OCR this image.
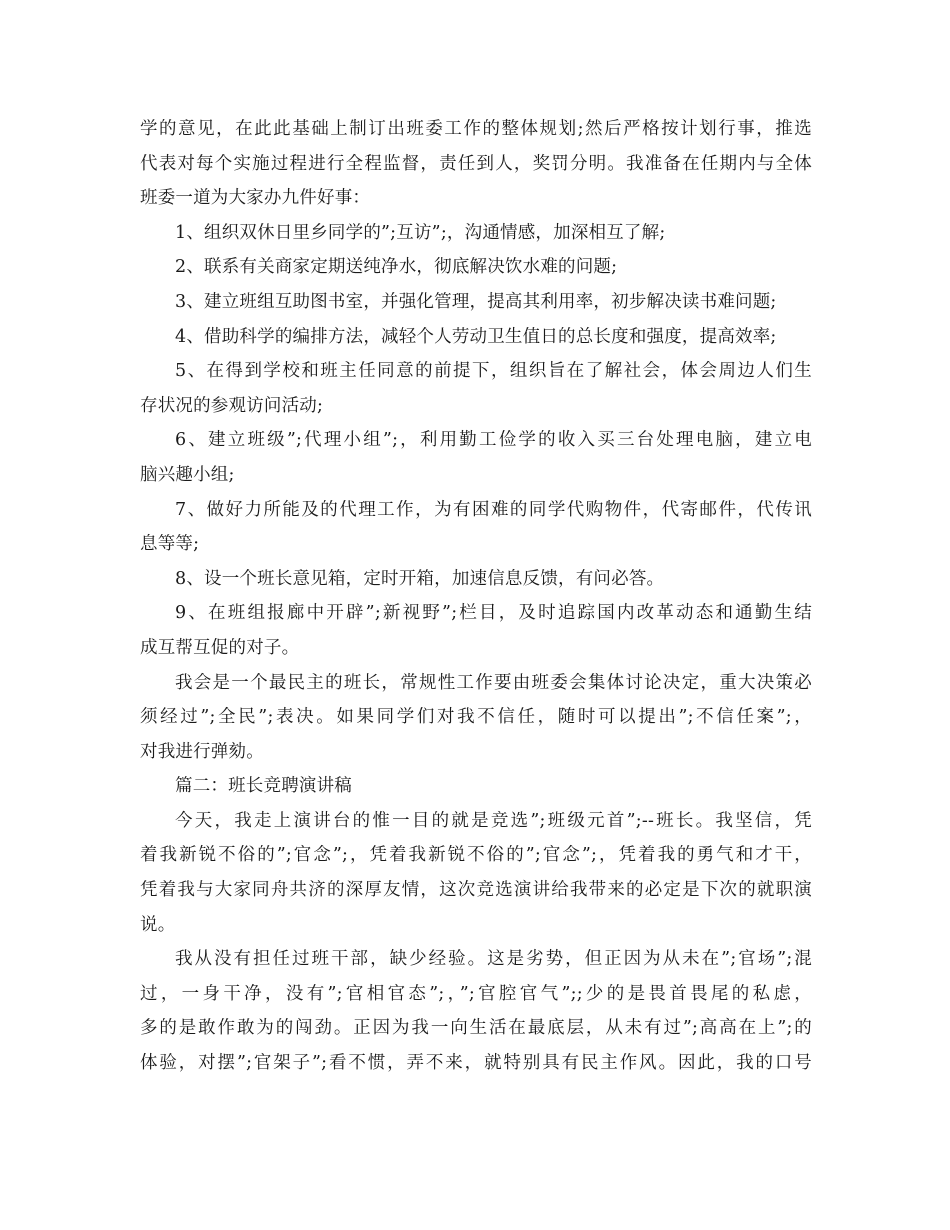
学的意见，在此此基础上制订出班委工作的整体规划;然后严格按计划行事，推选
代表对每个实施过程进行全程监督，责任到人，奖罚分明。我准备在任期内与全体
班委一道为大家办九件好事：
1、组织双休日里乡同学的”;互访”;，沟通情感，加深相互了解;
2、联系有关商家定期送纯净水，彻底解决饮水难的问题;
3、建立班组互助图书室，并强化管理，提高其利用率，初步解决读书难问题;
4、借助科学的编排方法，减轻个人劳动卫生值日的总长度和强度，提高效率;
5、在得到学校和班主任同意的前提下，组织旨在了解社会，体会周边人们生
存状况的参观访问活动;
6、建立班级”;代理小组”;，利用勤工俭学的收入买三台处理电脑，建立电
脑兴趣小组;
7、做好力所能及的代理工作，为有困难的同学代购物件，代寄邮件，代传讯
息等等;
8、设一个班长意见箱，定时开箱，加速信息反馈，有问必答。
9、在班组报廊中开辟”;新视野”;栏目，及时追踪国内改革动态和通勤生结
成互帮互促的对子。
我会是一个最民主的班长，常规性工作要由班委会集体讨论决定，重大决策必
须经过”;全民”;表决。如果同学们对我不信任，随时可以提出”;不信任案”;，
对我进行弹劾。
篇二：班长竞聘演讲稿
今天，我走上演讲台的惟一目的就是竞选”;班级元首”;--班长。我坚信，凭
着我新锐不俗的”;官念”;，凭着我新锐不俗的”;官念”;，凭着我的勇气和才干，
凭着我与大家同舟共济的深厚友情，这次竞选演讲给我带来的必定是下次的就职演
说。
我从没有担任过班干部，缺少经验。这是劣势，但正因为从未在”;官场”;混
过，一身干净，没有”;官相官态”;，”;官腔官气”;;少的是畏首畏尾的私虑，
多的是敢作敢为的闯劲。正因为我一向生活在最底层，从未有过”;高高在上”;的
体验，对摆”;官架子”;看不惯，弄不来，就特别具有民主作风。因此，我的口号
